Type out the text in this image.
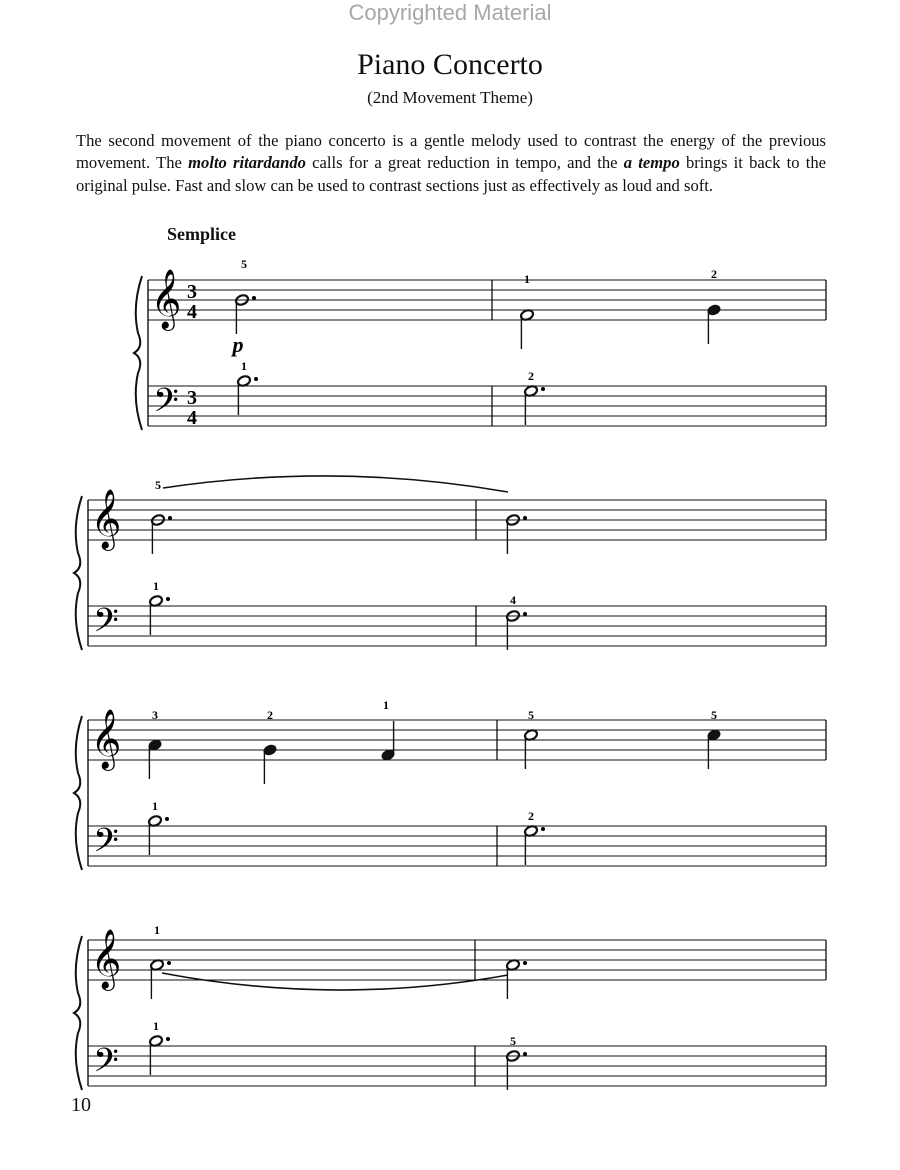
Copyrighted Material
Piano Concerto
(2nd Movement Theme)

The second movement of the piano concerto is a gentle melody used to contrast the energy of the previous movement. The molto ritardando calls for a great reduction in tempo, and the a tempo brings it back to the original pulse. Fast and slow can be used to contrast sections just as effectively as loud and soft.

Semplice
𝄞
𝄢
3
4
3
4
𝄞
𝄢
𝄞
𝄢
𝄞
𝄢
p
5
1	2
1
2
5
1
4
3	2
1
5	5
1
2
1
1
5
10
